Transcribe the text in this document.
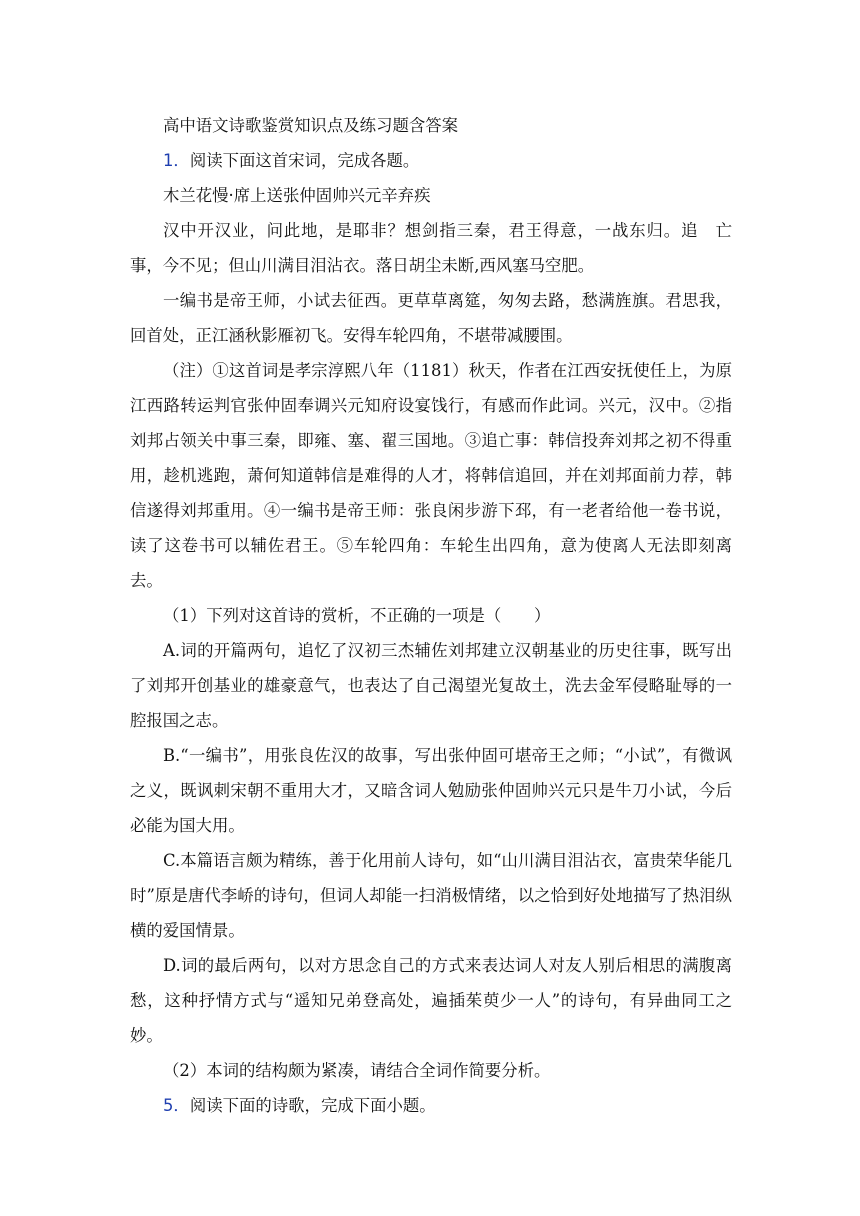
高中语文诗歌鉴赏知识点及练习题含答案
1．阅读下面这首宋词，完成各题。
木兰花慢·席上送张仲固帅兴元辛弃疾
汉中开汉业，问此地，是耶非？想剑指三秦，君王得意，一战东归。追　亡事，今不见；但山川满目泪沾衣。落日胡尘未断,西风塞马空肥。
一编书是帝王师，小试去征西。更草草离筵，匆匆去路，愁满旌旗。君思我，回首处，正江涵秋影雁初飞。安得车轮四角，不堪带减腰围。
（注）①这首词是孝宗淳熙八年（1181）秋天，作者在江西安抚使任上，为原江西路转运判官张仲固奉调兴元知府设宴饯行，有感而作此词。兴元，汉中。②指刘邦占领关中事三秦，即雍、塞、翟三国地。③追亡事：韩信投奔刘邦之初不得重用，趁机逃跑，萧何知道韩信是难得的人才，将韩信追回，并在刘邦面前力荐，韩信遂得刘邦重用。④一编书是帝王师：张良闲步游下邳，有一老者给他一卷书说，读了这卷书可以辅佐君王。⑤车轮四角：车轮生出四角，意为使离人无法即刻离去。
（1）下列对这首诗的赏析，不正确的一项是（　　）
A.词的开篇两句，追忆了汉初三杰辅佐刘邦建立汉朝基业的历史往事，既写出了刘邦开创基业的雄豪意气，也表达了自己渴望光复故土，洗去金军侵略耻辱的一腔报国之志。
B.“一编书”，用张良佐汉的故事，写出张仲固可堪帝王之师；“小试”，有微讽之义，既讽刺宋朝不重用大才，又暗含词人勉励张仲固帅兴元只是牛刀小试，今后必能为国大用。
C.本篇语言颇为精练，善于化用前人诗句，如“山川满目泪沾衣，富贵荣华能几时”原是唐代李峤的诗句，但词人却能一扫消极情绪，以之恰到好处地描写了热泪纵横的爱国情景。
D.词的最后两句，以对方思念自己的方式来表达词人对友人别后相思的满腹离愁，这种抒情方式与“遥知兄弟登高处，遍插茱萸少一人”的诗句，有异曲同工之妙。
（2）本词的结构颇为紧凑，请结合全词作简要分析。
5．阅读下面的诗歌，完成下面小题。
